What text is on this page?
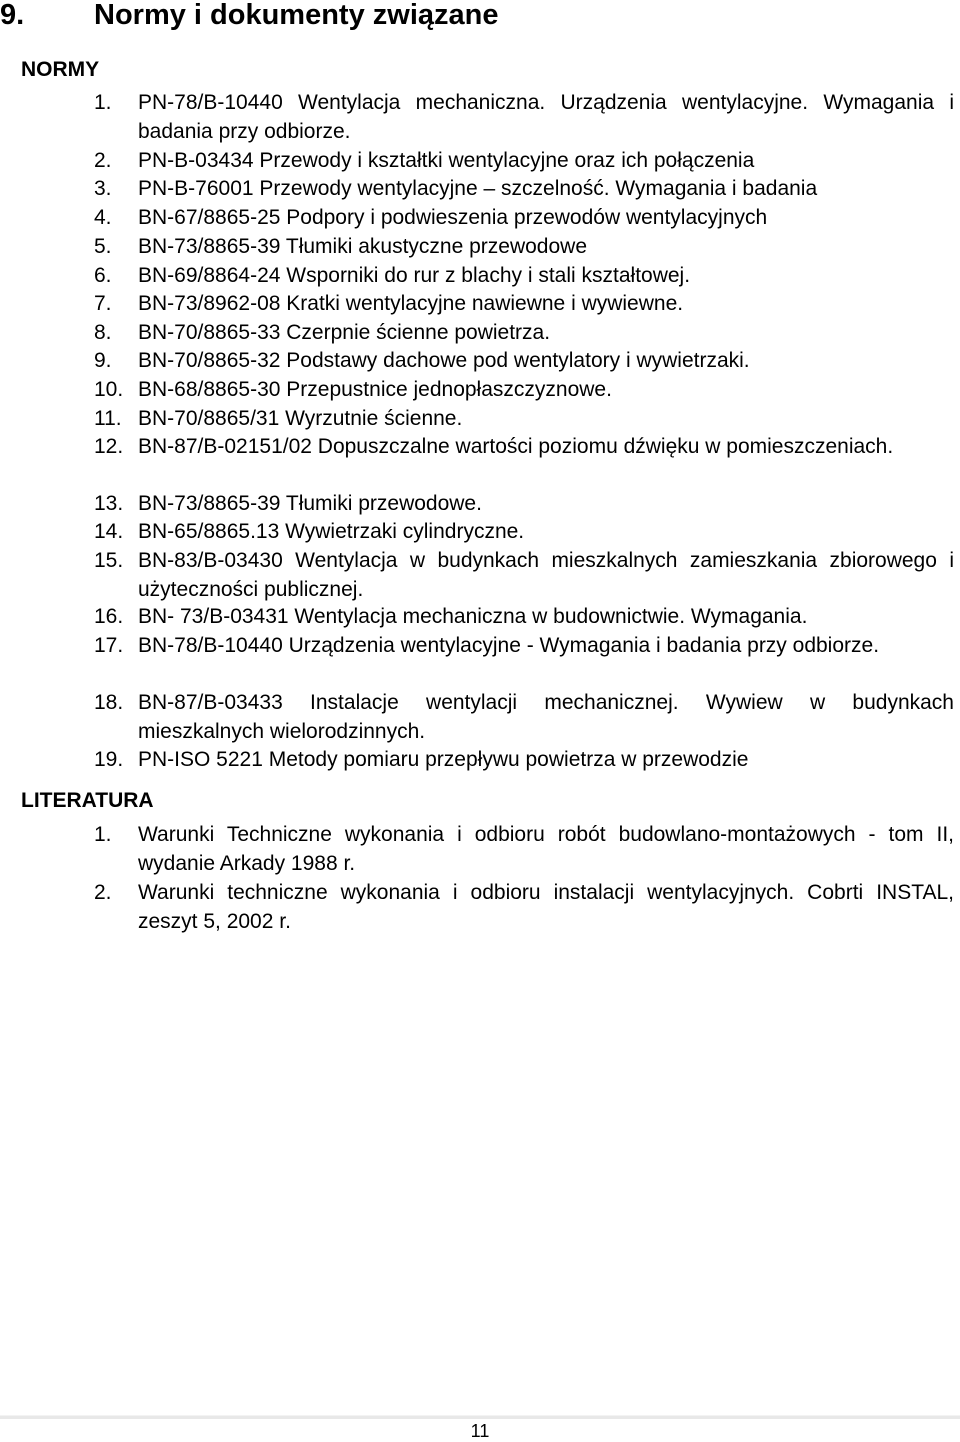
9. Normy i dokumenty związane
NORMY
1.	PN-78/B-10440 Wentylacja mechaniczna. Urządzenia wentylacyjne. Wymagania i badania przy odbiorze.
2.	PN-B-03434 Przewody i kształtki wentylacyjne oraz ich połączenia
3.	PN-B-76001 Przewody wentylacyjne – szczelność. Wymagania i badania
4.	BN-67/8865-25 Podpory i podwieszenia przewodów wentylacyjnych
5.	BN-73/8865-39 Tłumiki akustyczne przewodowe
6.	BN-69/8864-24 Wsporniki do rur z blachy i stali kształtowej.
7.	BN-73/8962-08 Kratki wentylacyjne nawiewne i wywiewne.
8.	BN-70/8865-33 Czerpnie ścienne powietrza.
9.	BN-70/8865-32 Podstawy dachowe pod wentylatory i wywietrzaki.
10. BN-68/8865-30 Przepustnice jednopłaszczyznowe.
11. BN-70/8865/31 Wyrzutnie ścienne.
12. BN-87/B-02151/02 Dopuszczalne wartości poziomu dźwięku w pomieszczeniach.
13. BN-73/8865-39 Tłumiki przewodowe.
14. BN-65/8865.13 Wywietrzaki cylindryczne.
15. BN-83/B-03430 Wentylacja w budynkach mieszkalnych zamieszkania zbiorowego i użyteczności publicznej.
16. BN- 73/B-03431 Wentylacja mechaniczna w budownictwie. Wymagania.
17. BN-78/B-10440 Urządzenia wentylacyjne - Wymagania i badania przy odbiorze.
18. BN-87/B-03433 Instalacje wentylacji mechanicznej. Wywiew w budynkach mieszkalnych wielorodzinnych.
19. PN-ISO 5221 Metody pomiaru przepływu powietrza w przewodzie
LITERATURA
1.	Warunki Techniczne wykonania i odbioru robót budowlano-montażowych - tom II, wydanie Arkady 1988 r.
2.	Warunki techniczne wykonania i odbioru instalacji wentylacyjnych. Cobrti INSTAL, zeszyt 5, 2002 r.
11
